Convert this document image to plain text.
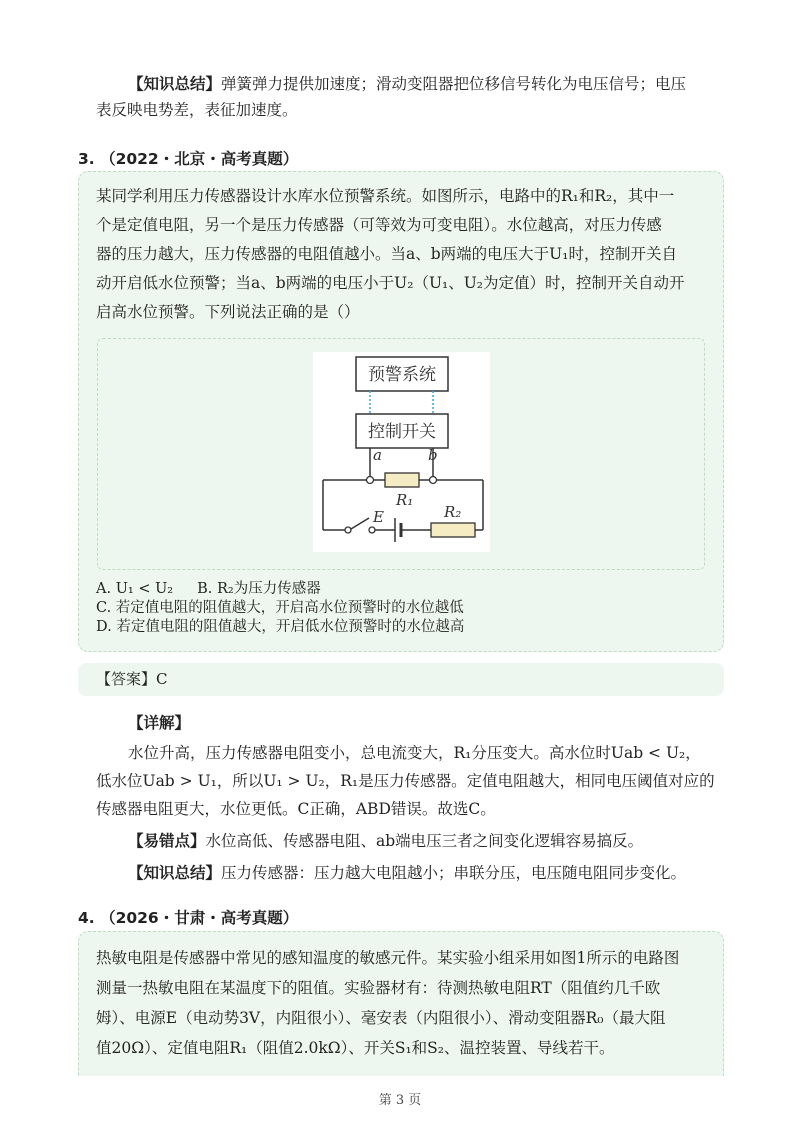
【知识总结】弹簧弹力提供加速度；滑动变阻器把位移信号转化为电压信号；电压
表反映电势差，表征加速度。
3. （2022・北京・高考真题）
某同学利用压力传感器设计水库水位预警系统。如图所示，电路中的R₁和R₂，其中一
个是定值电阻，另一个是压力传感器（可等效为可变电阻）。水位越高，对压力传感
器的压力越大，压力传感器的电阻值越小。当a、b两端的电压大于U₁时，控制开关自
动开启低水位预警；当a、b两端的电压小于U₂（U₁、U₂为定值）时，控制开关自动开
启高水位预警。下列说法正确的是（）
预警系统
控制开关
a	b
R₁
E	R₂
A. U₁ < U₂ B. R₂为压力传感器
C. 若定值电阻的阻值越大，开启高水位预警时的水位越低
D. 若定值电阻的阻值越大，开启低水位预警时的水位越高
【答案】C
【详解】
水位升高，压力传感器电阻变小，总电流变大，R₁分压变大。高水位时Uab < U₂，
低水位Uab > U₁，所以U₁ > U₂，R₁是压力传感器。定值电阻越大，相同电压阈值对应的
传感器电阻更大，水位更低。C正确，ABD错误。故选C。
【易错点】水位高低、传感器电阻、ab端电压三者之间变化逻辑容易搞反。
【知识总结】压力传感器：压力越大电阻越小；串联分压，电压随电阻同步变化。
4. （2026・甘肃・高考真题）
热敏电阻是传感器中常见的感知温度的敏感元件。某实验小组采用如图1所示的电路图
测量一热敏电阻在某温度下的阻值。实验器材有：待测热敏电阻RT（阻值约几千欧
姆）、电源E（电动势3V，内阻很小）、毫安表（内阻很小）、滑动变阻器R₀（最大阻
值20Ω）、定值电阻R₁（阻值2.0kΩ）、开关S₁和S₂、温控装置、导线若干。
第 3 页
